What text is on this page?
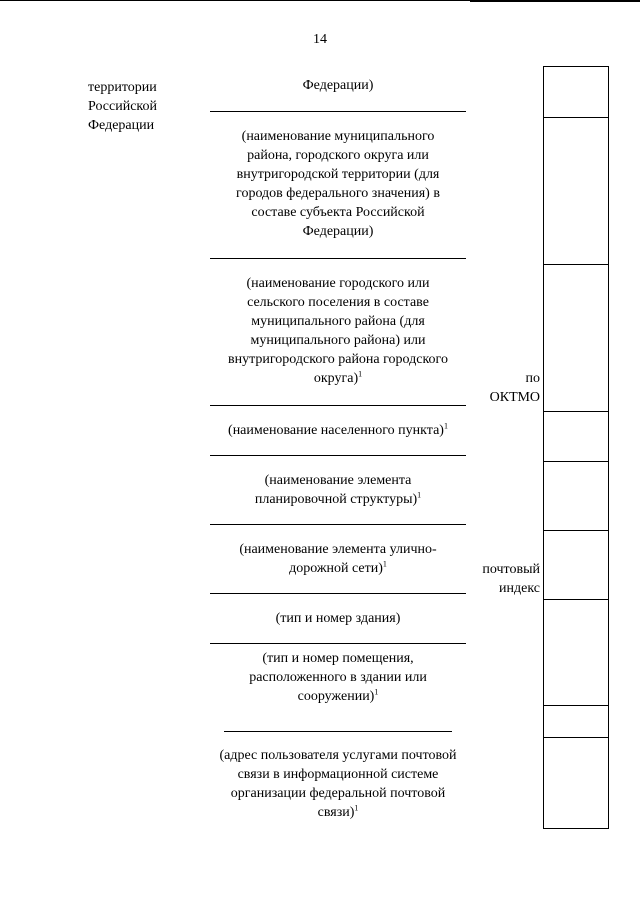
14
территории
Российской
Федерации
Федерации)
(наименование муниципального
района, городского округа или
внутригородской территории (для
городов федерального значения) в
составе субъекта Российской
Федерации)
(наименование городского или
сельского поселения в составе
муниципального района (для
муниципального района) или
внутригородского района городского
округа)$^1$
(наименование населенного пункта)$^1$
(наименование элемента
планировочной структуры)$^1$
(наименование элемента улично-
дорожной сети)$^1$
(тип и номер здания)
(тип и номер помещения,
расположенного в здании или
сооружении)$^1$
(адрес пользователя услугами почтовой
связи в информационной системе
организации федеральной почтовой
связи)$^1$
по
ОКТМО
почтовый
индекс
